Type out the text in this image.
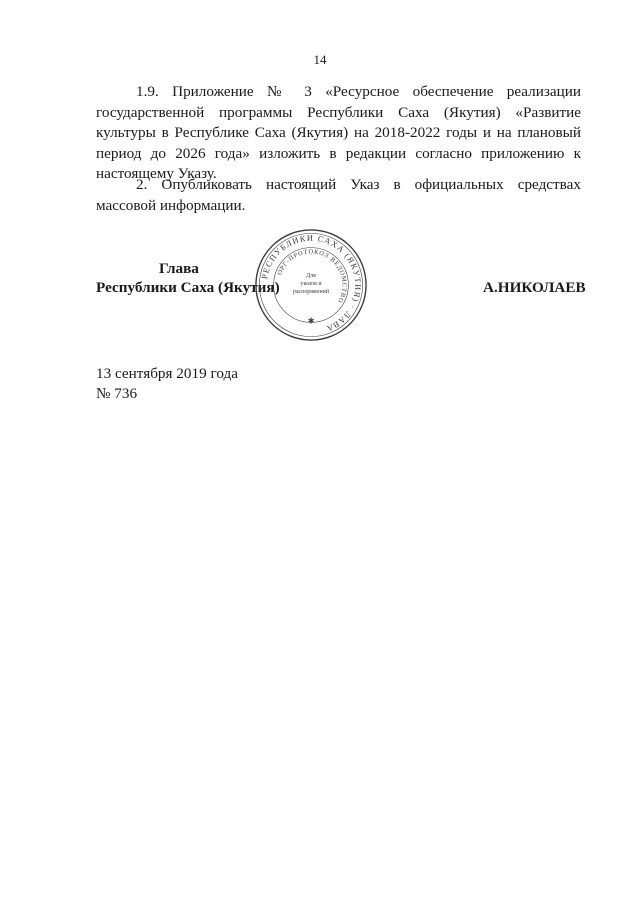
14

1.9. Приложение № 3 «Ресурсное обеспечение реализации государственной программы Республики Саха (Якутия) «Развитие культуры в Республике Саха (Якутия) на 2018-2022 годы и на плановый период до 2026 года» изложить в редакции согласно приложению к настоящему Указу.

2. Опубликовать настоящий Указ в официальных средствах массовой информации.

Глава
Республики Саха (Якутия)	А.НИКОЛАЕВ
РЕСПУБЛИКИ САХА (ЯКУТИЯ) · ЛАВА
ОРГ-ПРОТОКОЛ ВЕДОМСТВО
Для
указов и
распоряжений
✱
13 сентября 2019 года
№ 736
